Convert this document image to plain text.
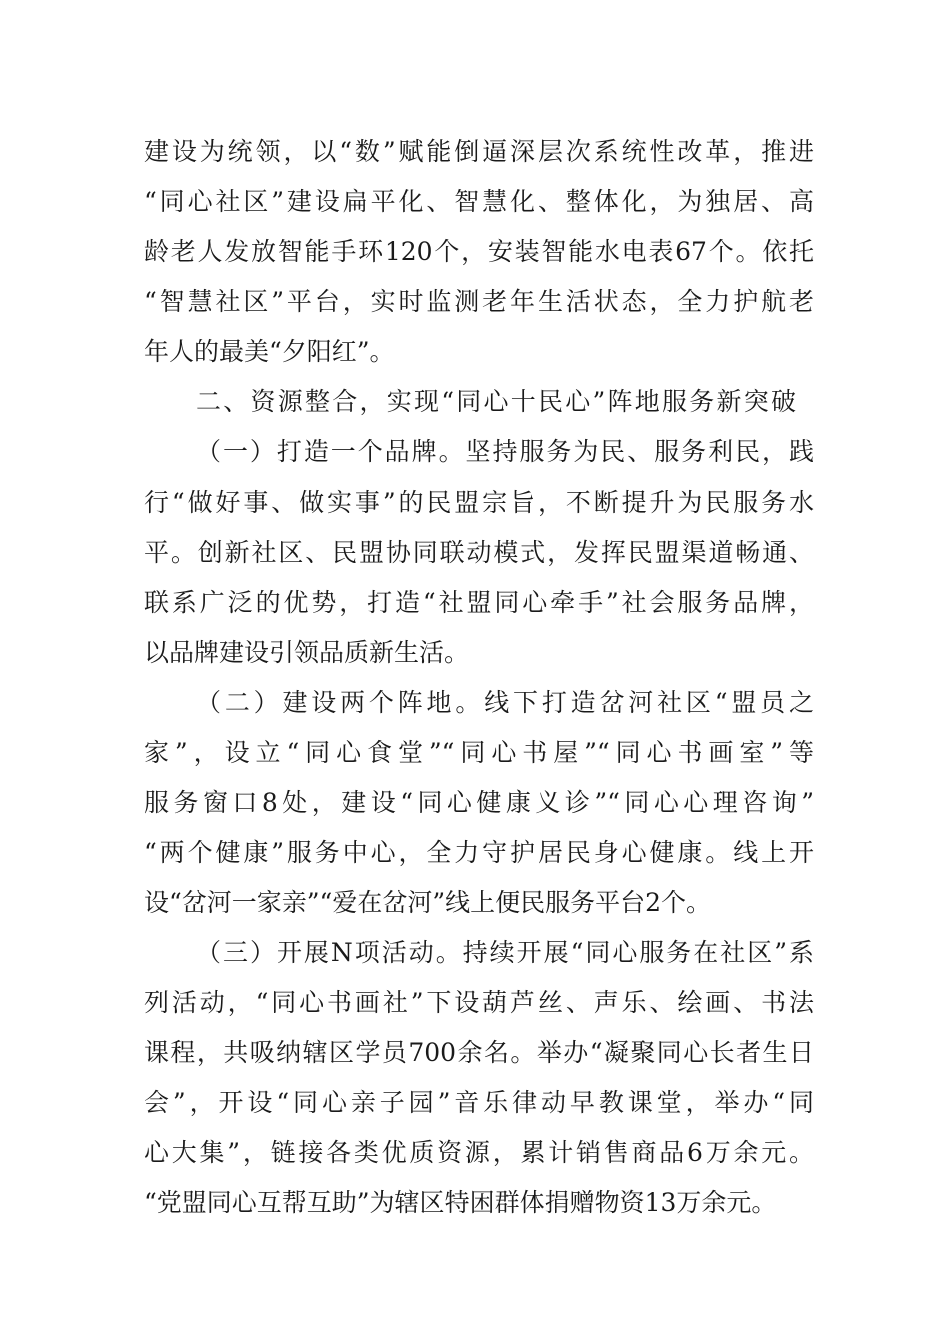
建设为统领，以“数”赋能倒逼深层次系统性改革，推进
“同心社区”建设扁平化、智慧化、整体化，为独居、高
龄老人发放智能手环120个，安装智能水电表67个。依托
“智慧社区”平台，实时监测老年生活状态，全力护航老
年人的最美“夕阳红”。
二、资源整合，实现“同心十民心”阵地服务新突破
（一）打造一个品牌。坚持服务为民、服务利民，践
行“做好事、做实事”的民盟宗旨，不断提升为民服务水
平。创新社区、民盟协同联动模式，发挥民盟渠道畅通、
联系广泛的优势，打造“社盟同心牵手”社会服务品牌，
以品牌建设引领品质新生活。
（二）建设两个阵地。线下打造岔河社区“盟员之
家”，设立“同心食堂”“同心书屋”“同心书画室”等
服务窗口8处，建设“同心健康义诊”“同心心理咨询”
“两个健康”服务中心，全力守护居民身心健康。线上开
设“岔河一家亲”“爱在岔河”线上便民服务平台2个。
（三）开展N项活动。持续开展“同心服务在社区”系
列活动，“同心书画社”下设葫芦丝、声乐、绘画、书法
课程，共吸纳辖区学员700余名。举办“凝聚同心长者生日
会”，开设“同心亲子园”音乐律动早教课堂，举办“同
心大集”，链接各类优质资源，累计销售商品6万余元。
“党盟同心互帮互助”为辖区特困群体捐赠物资13万余元。
